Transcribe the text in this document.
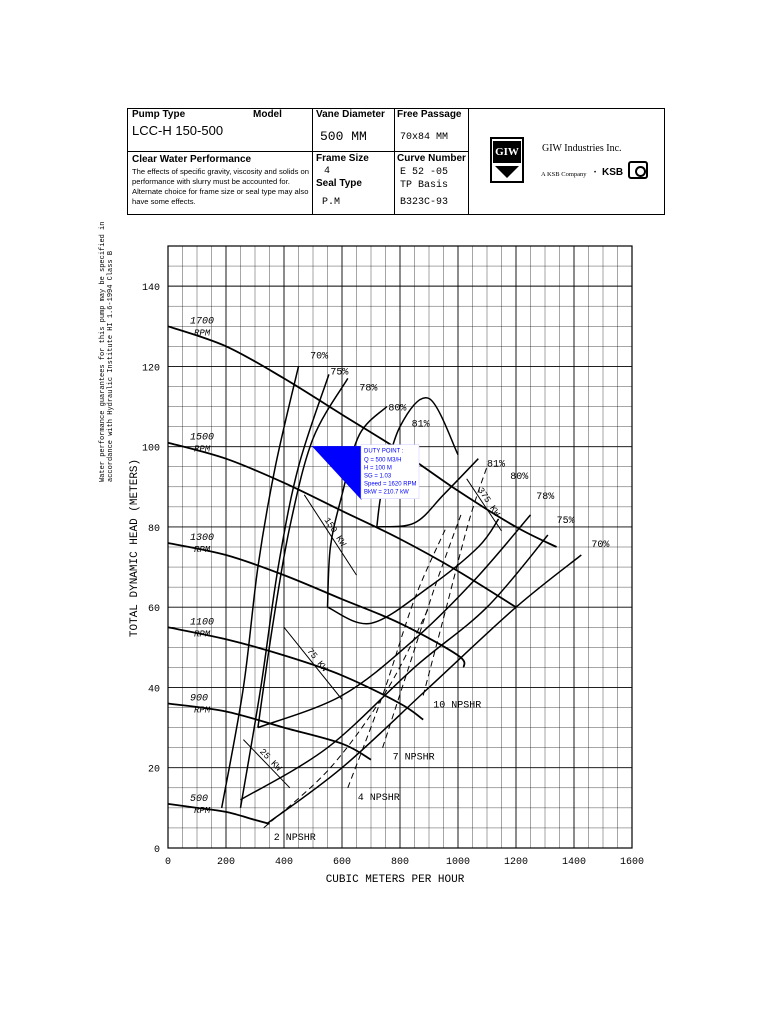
Pump Type	Model
LCC-H 150-500
Vane Diameter
500 MM
Free Passage
70x84 MM
Clear Water Performance
The effects of specific gravity, viscosity and solids on performance with slurry must be accounted for. Alternate choice for frame size or seal type may also have some effects.
Frame Size
4
Seal Type
P.M
Curve Number
E 52 -05
TP Basis
B323C-93
GIW GIW Industries Inc.
A KSB Company • KSB
Water performance guarantees for this pump may be specified in accordance with Hydraulic Institute HI 1.6-1994 Class B
0	200	400	600	800	1000	1200	1400	1600
0
20
40
60
80
100
120
140
1700
RPM
1500
RPM
1300
RPM
1100
RPM
900
RPM
500
RPM
2 NPSHR
4 NPSHR
7 NPSHR
10 NPSHR
25 KW
75 KW
150 KW
375 KW
70%
75%
78%
80%
81%
81%
80%
78%
75%
70%
DUTY POINT :
Q = 500 M3/H
H = 100 M
SG = 1.03
Speed = 1620 RPM
BkW = 210.7 kW
CUBIC METERS PER HOUR
TOTAL DYNAMIC HEAD (METERS)
